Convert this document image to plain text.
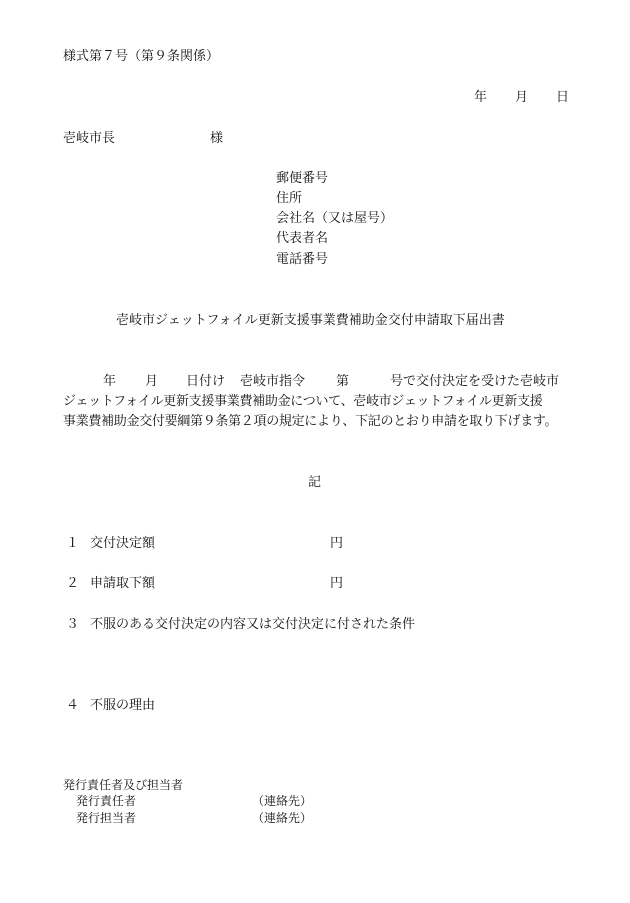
様式第７号（第９条関係）
年 月 日
壱岐市長	様
郵便番号
住所
会社名（又は屋号）
代表者名
電話番号
壱岐市ジェットフォイル更新支援事業費補助金交付申請取下届出書
年 月 日付け 壱岐市指令 第	号で交付決定を受けた壱岐市
ジェットフォイル更新支援事業費補助金について、壱岐市ジェットフォイル更新支援
事業費補助金交付要綱第９条第２項の規定により、下記のとおり申請を取り下げます。
記
１ 交付決定額	円
２ 申請取下額	円
３ 不服のある交付決定の内容又は交付決定に付された条件
４ 不服の理由
発行責任者及び担当者
発行責任者	（連絡先）
発行担当者	（連絡先）
